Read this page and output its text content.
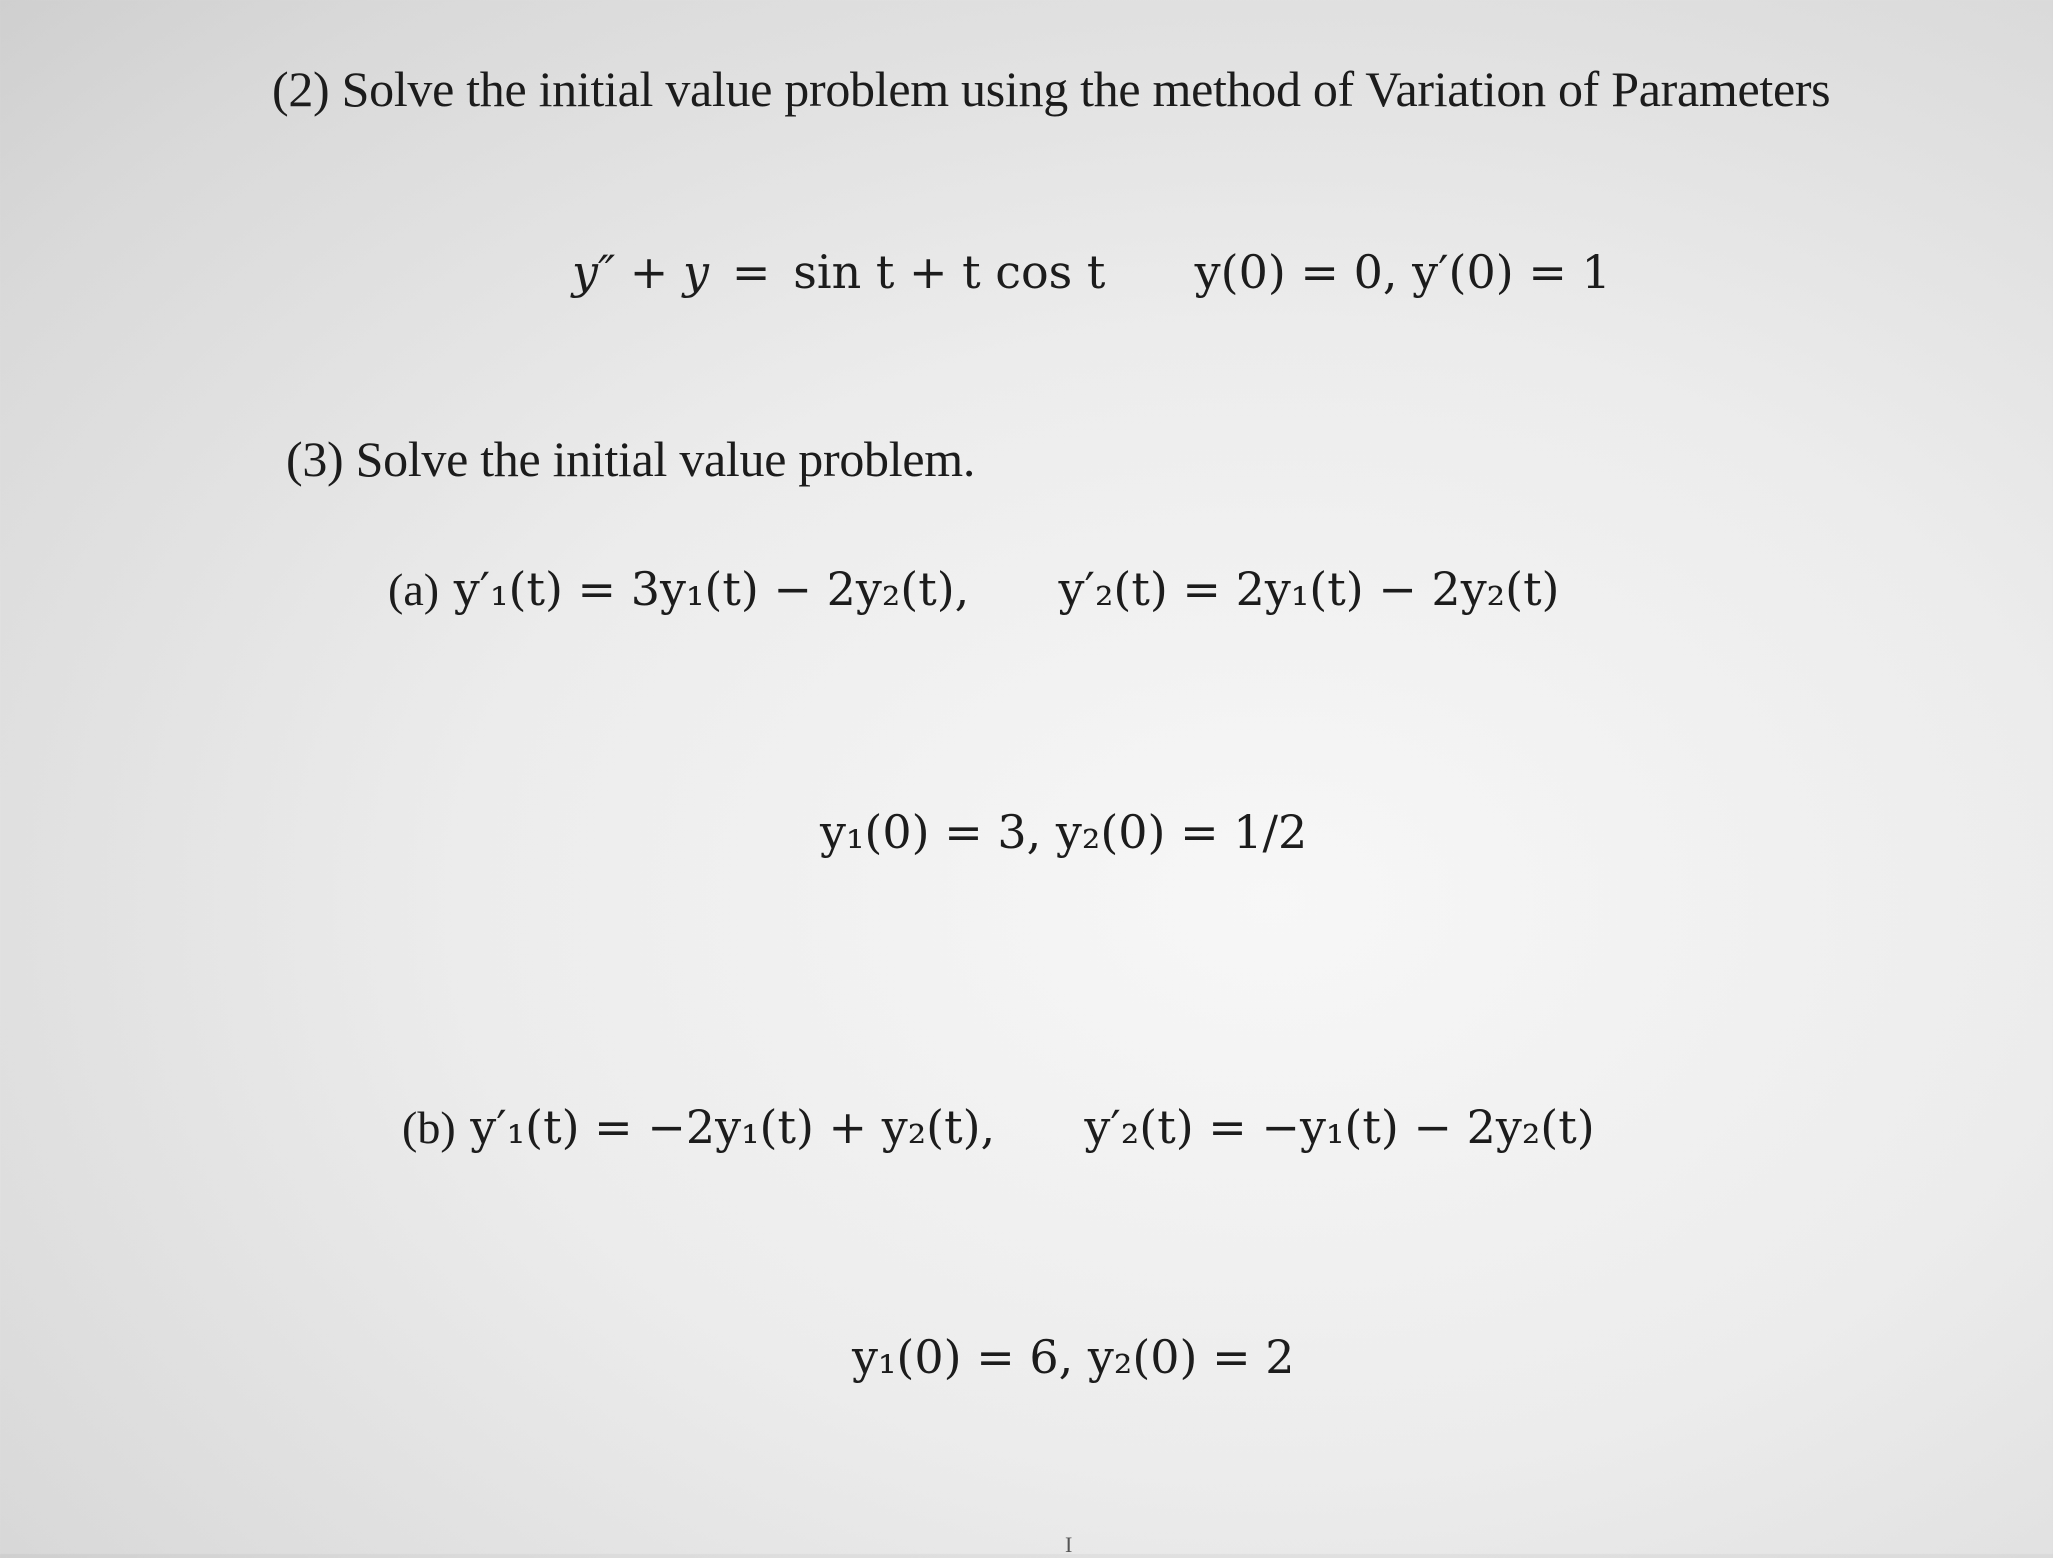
(2) Solve the initial value problem using the method of Variation of Parameters
y″ + y = sin t + t cos t y(0) = 0, y′(0) = 1
(3) Solve the initial value problem.
(a) y′₁(t) = 3y₁(t) − 2y₂(t), y′₂(t) = 2y₁(t) − 2y₂(t)
y₁(0) = 3, y₂(0) = 1/2
(b) y′₁(t) = −2y₁(t) + y₂(t), y′₂(t) = −y₁(t) − 2y₂(t)
y₁(0) = 6, y₂(0) = 2
I
